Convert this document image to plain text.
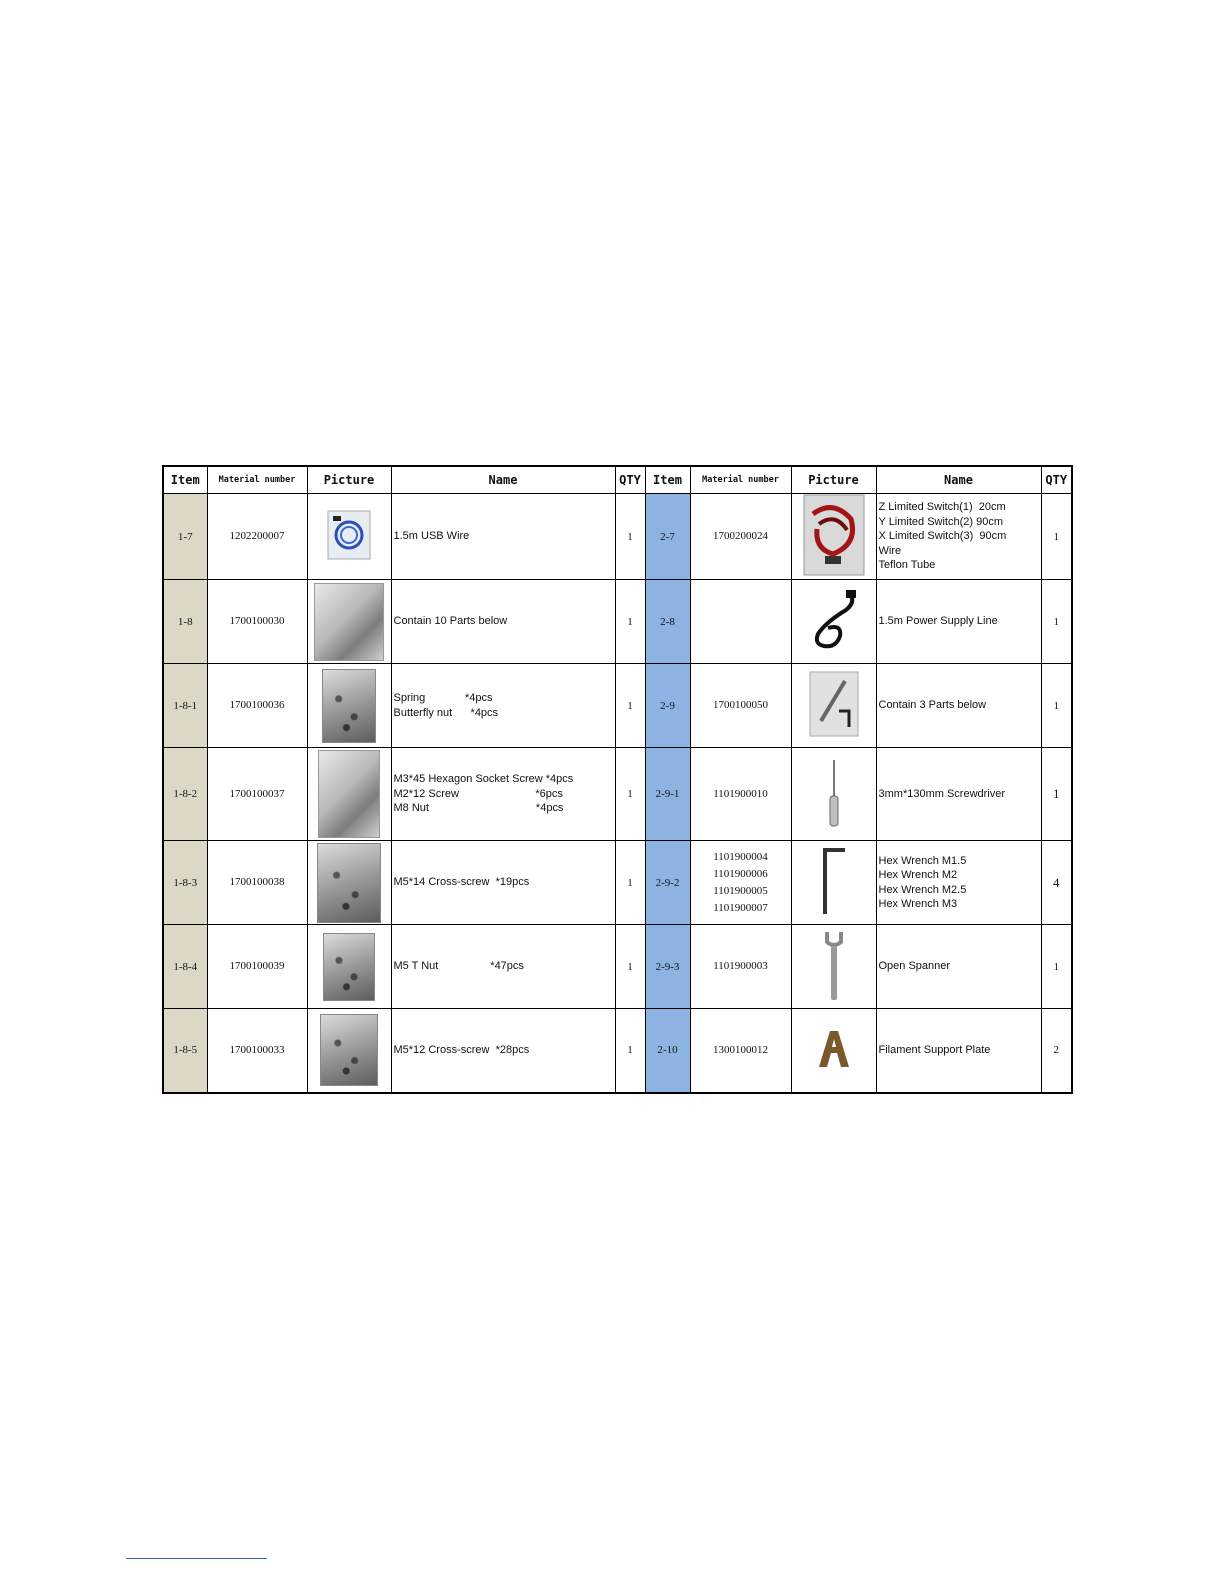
Item	Material number	Picture	Name	QTY	Item	Material number	Picture	Name	QTY
1-7	1202200007		1.5m USB Wire	1	2-7	1700200024		Z Limited Switch(1)  20cm
Y Limited Switch(2) 90cm
X Limited Switch(3)  90cm
Wire
Teflon Tube	1
1-8	1700100030		Contain 10 Parts below	1	2-8			1.5m Power Supply Line	1
1-8-1	1700100036		Spring             *4pcs
Butterfly nut      *4pcs	1	2-9	1700100050		Contain 3 Parts below	1
1-8-2	1700100037		M3*45 Hexagon Socket Screw *4pcs
M2*12 Screw                         *6pcs
M8 Nut                                   *4pcs	1	2-9-1	1101900010		3mm*130mm Screwdriver	1
1-8-3	1700100038		M5*14 Cross-screw  *19pcs	1	2-9-2	1101900004
1101900006
1101900005
1101900007		Hex Wrench M1.5
Hex Wrench M2
Hex Wrench M2.5
Hex Wrench M3	4
1-8-4	1700100039		M5 T Nut                 *47pcs	1	2-9-3	1101900003		Open Spanner	1
1-8-5	1700100033		M5*12 Cross-screw  *28pcs	1	2-10	1300100012		Filament Support Plate	2
